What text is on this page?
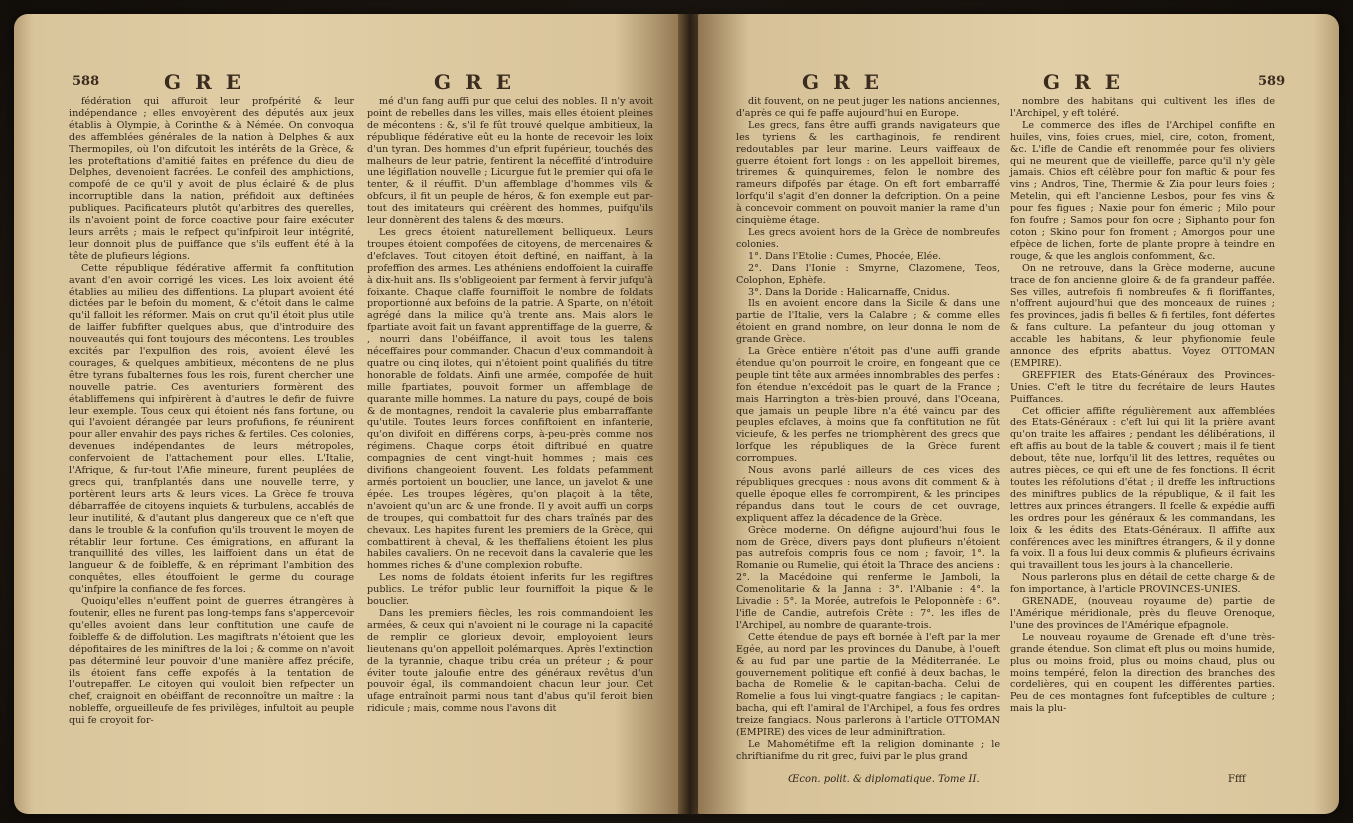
588	GRE	GRE

fédération qui affuroit leur profpérité & leur indépendance ; elles envoyèrent des députés aux jeux établis à Olympie, à Corinthe & à Némée. On convoqua des affemblées générales de la nation à Delphes & aux Thermopiles, où l'on difcutoit les intérêts de la Grèce, & les proteftations d'amitié faites en préfence du dieu de Delphes, devenoient facrées. Le confeil des amphictions, compofé de ce qu'il y avoit de plus éclairé & de plus incorruptible dans la nation, préfidoit aux deftinées publiques. Pacificateurs plutôt qu'arbitres des querelles, ils n'avoient point de force coactive pour faire exécuter leurs arrêts ; mais le refpect qu'infpiroit leur intégrité, leur donnoit plus de puiffance que s'ils euffent été à la tête de plufieurs légions.

Cette république fédérative affermit fa conftitution avant d'en avoir corrigé les vices. Les loix avoient été établies au milieu des diffentions. La plupart avoient été dictées par le befoin du moment, & c'étoit dans le calme qu'il falloit les réformer. Mais on crut qu'il étoit plus utile de laiffer fubfifter quelques abus, que d'introduire des nouveautés qui font toujours des mécontens. Les troubles excités par l'expulfion des rois, avoient élevé les courages, & quelques ambitieux, mécontens de ne plus être tyrans fubalternes fous les rois, furent chercher une nouvelle patrie. Ces aventuriers formèrent des établiffemens qui infpirèrent à d'autres le defir de fuivre leur exemple. Tous ceux qui étoient nés fans fortune, ou qui l'avoient dérangée par leurs profufions, fe réunirent pour aller envahir des pays riches & fertiles. Ces colonies, devenues indépendantes de leurs métropoles, confervoient de l'attachement pour elles. L'Italie, l'Afrique, & fur-tout l'Afie mineure, furent peuplées de grecs qui, tranfplantés dans une nouvelle terre, y portèrent leurs arts & leurs vices. La Grèce fe trouva débarraffée de citoyens inquiets & turbulens, accablés de leur inutilité, & d'autant plus dangereux que ce n'eft que dans le trouble & la confufion qu'ils trouvent le moyen de rétablir leur fortune. Ces émigrations, en affurant la tranquillité des villes, les laiffoient dans un état de langueur & de foibleffe, & en réprimant l'ambition des conquêtes, elles étouffoient le germe du courage qu'infpire la confiance de fes forces.

Quoiqu'elles n'euffent point de guerres étrangères à foutenir, elles ne furent pas long-temps fans s'appercevoir qu'elles avoient dans leur conftitution une caufe de foibleffe & de diffolution. Les magiftrats n'étoient que les dépofitaires de les miniftres de la loi ; & comme on n'avoit pas déterminé leur pouvoir d'une manière affez précife, ils étoient fans ceffe expofés à la tentation de l'outrepaffer. Le citoyen qui vouloit bien refpecter un chef, craignoit en obéiffant de reconnoître un maître : la nobleffe, orgueilleufe de fes privilèges, infultoit au peuple qui fe croyoit for-

mé d'un fang auffi pur que celui des nobles. Il n'y avoit point de rebelles dans les villes, mais elles étoient pleines de mécontens : &, s'il fe fût trouvé quelque ambitieux, la république fédérative eût eu la honte de recevoir les loix d'un tyran. Des hommes d'un efprit fupérieur, touchés des malheurs de leur patrie, fentirent la néceffité d'introduire une légiflation nouvelle ; Licurgue fut le premier qui ofa le tenter, & il réuffit. D'un affemblage d'hommes vils & obfcurs, il fit un peuple de héros, & fon exemple eut par-tout des imitateurs qui créèrent des hommes, puifqu'ils leur donnèrent des talens & des mœurs.

Les grecs étoient naturellement belliqueux. Leurs troupes étoient compofées de citoyens, de mercenaires & d'efclaves. Tout citoyen étoit deftiné, en naiffant, à la profeffion des armes. Les athéniens endoffoient la cuiraffe à dix-huit ans. Ils s'obligeoient par ferment à fervir jufqu'à foixante. Chaque claffe fourniffoit le nombre de foldats proportionné aux befoins de la patrie. A Sparte, on n'étoit agrégé dans la milice qu'à trente ans. Mais alors le fpartiate avoit fait un favant apprentiffage de la guerre, & , nourri dans l'obéiffance, il avoit tous les talens néceffaires pour commander. Chacun d'eux commandoit à quatre ou cinq ilotes, qui n'étoient point qualifiés du titre honorable de foldats. Ainfi une armée, compofée de huit mille fpartiates, pouvoit former un affemblage de quarante mille hommes. La nature du pays, coupé de bois & de montagnes, rendoit la cavalerie plus embarraffante qu'utile. Toutes leurs forces confiftoient en infanterie, qu'on divifoit en différens corps, à-peu-près comme nos régimens. Chaque corps étoit diftribué en quatre compagnies de cent vingt-huit hommes ; mais ces divifions changeoient fouvent. Les foldats pefamment armés portoient un bouclier, une lance, un javelot & une épée. Les troupes légères, qu'on plaçoit à la tête, n'avoient qu'un arc & une fronde. Il y avoit auffi un corps de troupes, qui combattoit fur des chars traînés par des chevaux. Les hapites furent les premiers de la Grèce, qui combattirent à cheval, & les theffaliens étoient les plus habiles cavaliers. On ne recevoit dans la cavalerie que les hommes riches & d'une complexion robufte.

Les noms de foldats étoient inferits fur les regiftres publics. Le tréfor public leur fourniffoit la pique & le bouclier.

Dans les premiers fiècles, les rois commandoient les armées, & ceux qui n'avoient ni le courage ni la capacité de remplir ce glorieux devoir, employoient leurs lieutenans qu'on appelloit polémarques. Après l'extinction de la tyrannie, chaque tribu créa un préteur ; & pour éviter toute jaloufie entre des généraux revêtus d'un pouvoir égal, ils commandoient chacun leur jour. Cet ufage entraînoit parmi nous tant d'abus qu'il feroit bien ridicule ; mais, comme nous l'avons dit

GRE	GRE	589

dit fouvent, on ne peut juger les nations anciennes, d'après ce qui fe paffe aujourd'hui en Europe.

Les grecs, fans être auffi grands navigateurs que les tyriens & les carthaginois, fe rendirent redoutables par leur marine. Leurs vaiffeaux de guerre étoient fort longs : on les appelloit biremes, triremes & quinquiremes, felon le nombre des rameurs difpofés par étage. On eft fort embarraffé lorfqu'il s'agit d'en donner la defcription. On a peine à concevoir comment on pouvoit manier la rame d'un cinquième étage.

Les grecs avoient hors de la Grèce de nombreufes colonies.

1°. Dans l'Etolie : Cumes, Phocée, Elée.

2°. Dans l'Ionie : Smyrne, Clazomene, Teos, Colophon, Ephèfe.

3°. Dans la Doride : Halicarnaffe, Cnidus.

Ils en avoient encore dans la Sicile & dans une partie de l'Italie, vers la Calabre ; & comme elles étoient en grand nombre, on leur donna le nom de grande Grèce.

La Grèce entière n'étoit pas d'une auffi grande étendue qu'on pourroit le croire, en fongeant que ce peuple tint tête aux armées innombrables des perfes : fon étendue n'excédoit pas le quart de la France ; mais Harrington a très-bien prouvé, dans l'Oceana, que jamais un peuple libre n'a été vaincu par des peuples efclaves, à moins que fa conftitution ne fût vicieufe, & les perfes ne triomphèrent des grecs que lorfque les républiques de la Grèce furent corrompues.

Nous avons parlé ailleurs de ces vices des républiques grecques : nous avons dit comment & à quelle époque elles fe corrompirent, & les principes répandus dans tout le cours de cet ouvrage, expliquent affez la décadence de la Grèce.

Grèce moderne. On défigne aujourd'hui fous le nom de Grèce, divers pays dont plufieurs n'étoient pas autrefois compris fous ce nom ; favoir, 1°. la Romanie ou Rumelie, qui étoit la Thrace des anciens : 2°. la Macédoine qui renferme le Jamboli, la Comenolitarie & la Janna : 3°. l'Albanie : 4°. la Livadie : 5°. la Morée, autrefois le Peloponnèfe : 6°. l'ifle de Candie, autrefois Crète : 7°. les ifles de l'Archipel, au nombre de quarante-trois.

Cette étendue de pays eft bornée à l'eft par la mer Egée, au nord par les provinces du Danube, à l'oueft & au fud par une partie de la Méditerranée. Le gouvernement politique eft confié à deux bachas, le bacha de Romelie & le capitan-bacha. Celui de Romelie a fous lui vingt-quatre fangiacs ; le capitan-bacha, qui eft l'amiral de l'Archipel, a fous fes ordres treize fangiacs. Nous parlerons à l'article OTTOMAN (EMPIRE) des vices de leur adminiftration.

Le Mahométifme eft la religion dominante ; le chriftianifme du rit grec, fuivi par le plus grand

nombre des habitans qui cultivent les ifles de l'Archipel, y eft toléré.

Le commerce des ifles de l'Archipel confifte en huiles, vins, foies crues, miel, cire, coton, froment, &c. L'ifle de Candie eft renommée pour fes oliviers qui ne meurent que de vieilleffe, parce qu'il n'y gèle jamais. Chios eft célèbre pour fon maftic & pour fes vins ; Andros, Tine, Thermie & Zia pour leurs foies ; Metelin, qui eft l'ancienne Lesbos, pour fes vins & pour fes figues ; Naxie pour fon émeric ; Milo pour fon foufre ; Samos pour fon ocre ; Siphanto pour fon coton ; Skino pour fon froment ; Amorgos pour une efpèce de lichen, forte de plante propre à teindre en rouge, & que les anglois confomment, &c.

On ne retrouve, dans la Grèce moderne, aucune trace de fon ancienne gloire & de fa grandeur paffée. Ses villes, autrefois fi nombreufes & fi floriffantes, n'offrent aujourd'hui que des monceaux de ruines ; fes provinces, jadis fi belles & fi fertiles, font défertes & fans culture. La pefanteur du joug ottoman y accable les habitans, & leur phyfionomie feule annonce des efprits abattus. Voyez OTTOMAN (EMPIRE).

GREFFIER des Etats-Généraux des Provinces-Unies. C'eft le titre du fecrétaire de leurs Hautes Puiffances.

Cet officier affifte régulièrement aux affemblées des Etats-Généraux : c'eft lui qui lit la prière avant qu'on traite les affaires ; pendant les délibérations, il eft affis au bout de la table & couvert ; mais il fe tient debout, tête nue, lorfqu'il lit des lettres, requêtes ou autres pièces, ce qui eft une de fes fonctions. Il écrit toutes les réfolutions d'état ; il dreffe les inftructions des miniftres publics de la république, & il fait les lettres aux princes étrangers. Il fcelle & expédie auffi les ordres pour les généraux & les commandans, les loix & les édits des Etats-Généraux. Il affifte aux conférences avec les miniftres étrangers, & il y donne fa voix. Il a fous lui deux commis & plufieurs écrivains qui travaillent tous les jours à la chancellerie.

Nous parlerons plus en détail de cette charge & de fon importance, à l'article PROVINCES-UNIES.

GRENADE, (nouveau royaume de) partie de l'Amérique méridionale, près du fleuve Orenoque, l'une des provinces de l'Amérique efpagnole.

Le nouveau royaume de Grenade eft d'une très-grande étendue. Son climat eft plus ou moins humide, plus ou moins froid, plus ou moins chaud, plus ou moins tempéré, felon la direction des branches des cordelières, qui en coupent les différentes parties. Peu de ces montagnes font fufceptibles de culture ; mais la plu-

Œcon. polit. & diplomatique. Tome II.	Ffff
